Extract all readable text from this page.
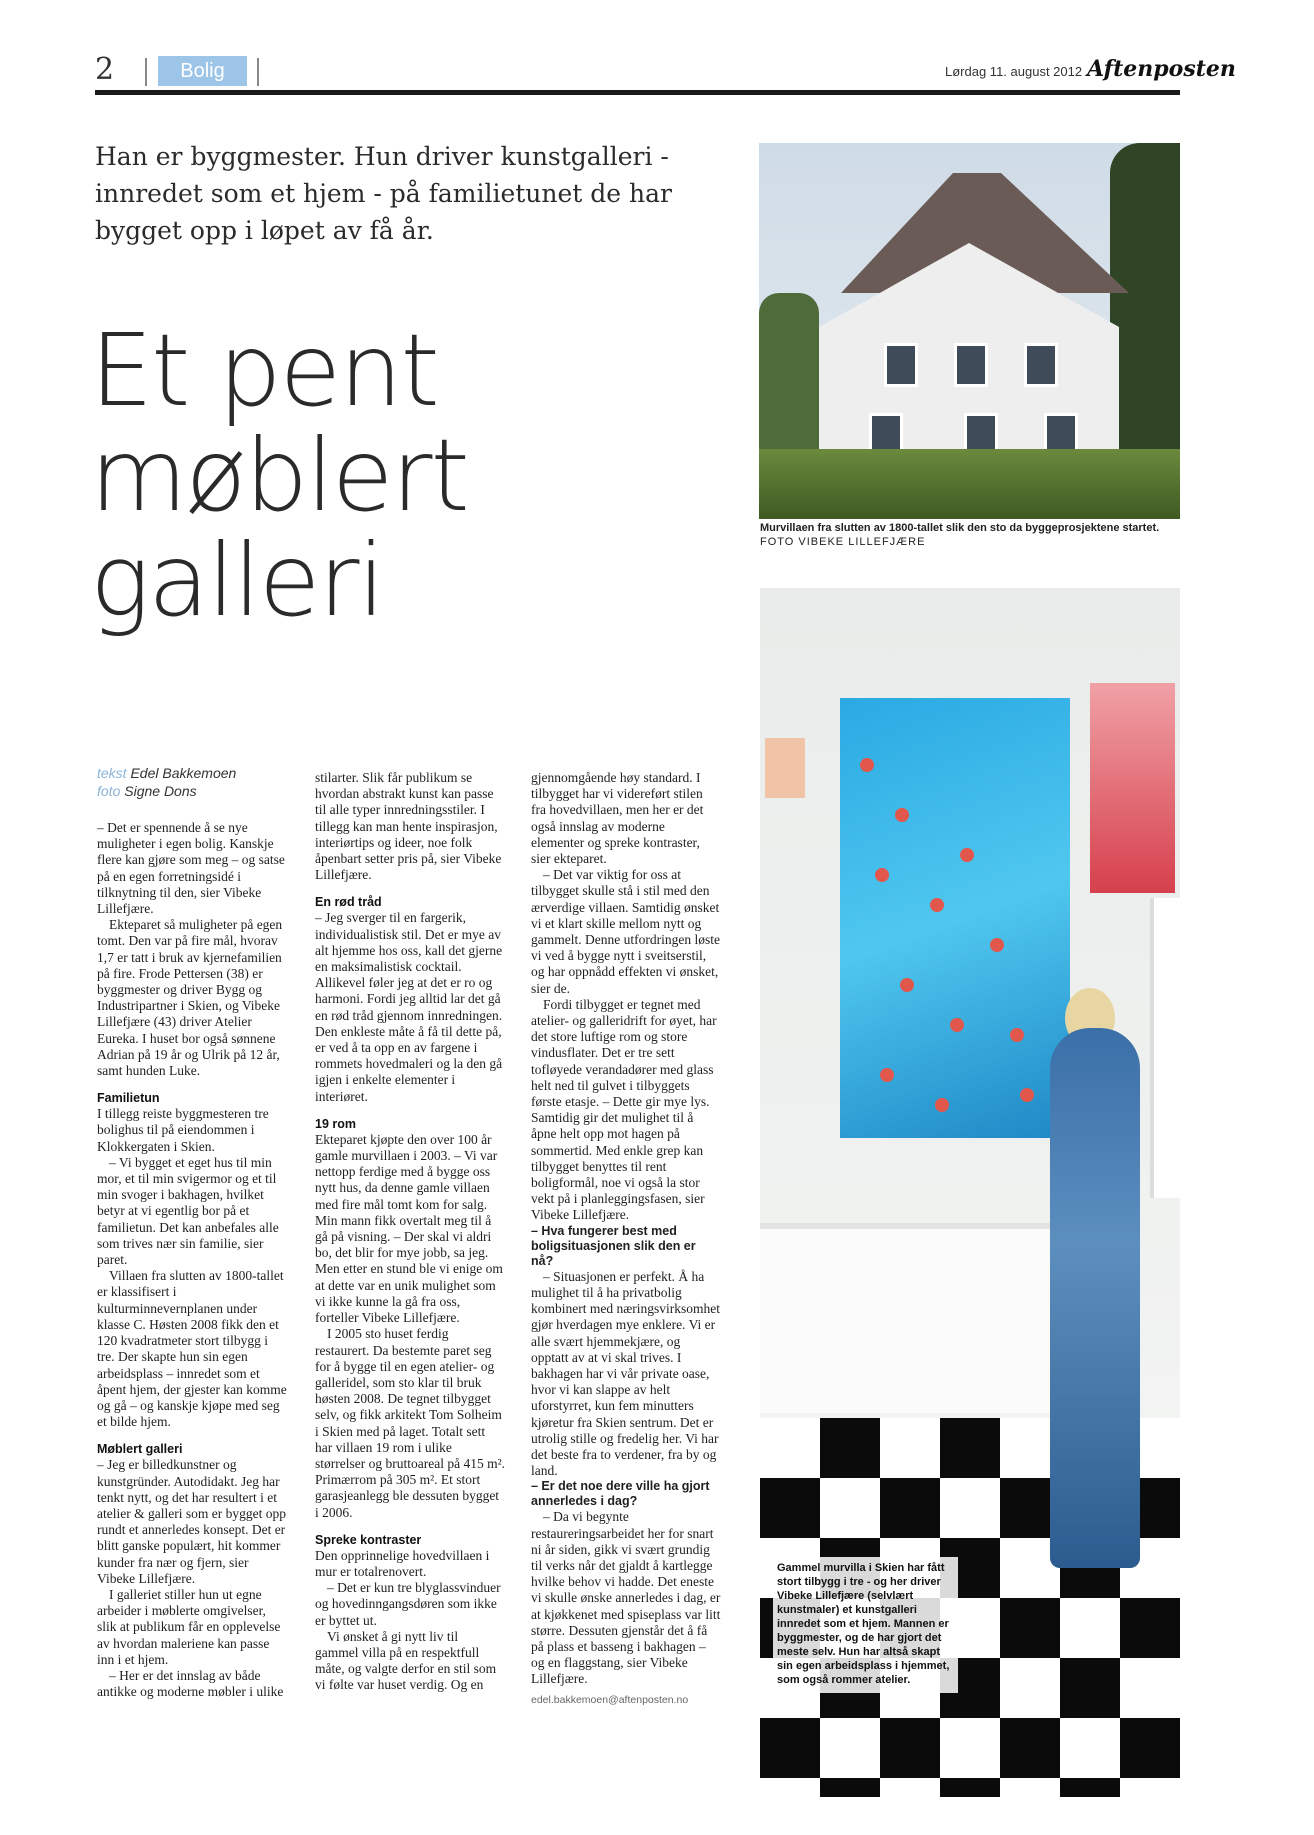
2	Bolig	Lørdag 11. august 2012 Aftenposten
Han er byggmester. Hun driver kunstgalleri - innredet som et hjem - på familietunet de har bygget opp i løpet av få år.
Et pent
møblert
galleri	Murvillaen fra slutten av 1800-tallet slik den sto da byggeprosjektene startet.
FOTO VIBEKE LILLEFJÆRE
Gammel murvilla i Skien har fått stort tilbygg i tre - og her driver Vibeke Lillefjære (selvlært kunstmaler) et kunstgalleri innredet som et hjem. Mannen er byggmester, og de har gjort det meste selv. Hun har altså skapt sin egen arbeidsplass i hjemmet, som også rommer atelier.
tekst Edel Bakkemoen
foto Signe Dons

– Det er spennende å se nye muligheter i egen bolig. Kanskje flere kan gjøre som meg – og satse på en egen forretningsidé i tilknytning til den, sier Vibeke Lillefjære.

Ekteparet så muligheter på egen tomt. Den var på fire mål, hvorav 1,7 er tatt i bruk av kjernefamilien på fire. Frode Pettersen (38) er byggmester og driver Bygg og Industripartner i Skien, og Vibeke Lillefjære (43) driver Atelier Eureka. I huset bor også sønnene Adrian på 19 år og Ulrik på 12 år, samt hunden Luke.

Familietun

I tillegg reiste byggmesteren tre bolighus til på eiendommen i Klokkergaten i Skien.

– Vi bygget et eget hus til min mor, et til min svigermor og et til min svoger i bakhagen, hvilket betyr at vi egentlig bor på et familietun. Det kan anbefales alle som trives nær sin familie, sier paret.

Villaen fra slutten av 1800-tallet er klassifisert i kulturminnevernplanen under klasse C. Høsten 2008 fikk den et 120 kvadratmeter stort tilbygg i tre. Der skapte hun sin egen arbeidsplass – innredet som et åpent hjem, der gjester kan komme og gå – og kanskje kjøpe med seg et bilde hjem.

Møblert galleri

– Jeg er billedkunstner og kunstgründer. Autodidakt. Jeg har tenkt nytt, og det har resultert i et atelier & galleri som er bygget opp rundt et annerledes konsept. Det er blitt ganske populært, hit kommer kunder fra nær og fjern, sier Vibeke Lillefjære.

I galleriet stiller hun ut egne arbeider i møblerte omgivelser, slik at publikum får en opplevelse av hvordan maleriene kan passe inn i et hjem.

– Her er det innslag av både antikke og moderne møbler i ulike

stilarter. Slik får publikum se hvordan abstrakt kunst kan passe til alle typer innredningsstiler. I tillegg kan man hente inspirasjon, interiørtips og ideer, noe folk åpenbart setter pris på, sier Vibeke Lillefjære.

En rød tråd

– Jeg sverger til en fargerik, individualistisk stil. Det er mye av alt hjemme hos oss, kall det gjerne en maksimalistisk cocktail. Allikevel føler jeg at det er ro og harmoni. Fordi jeg alltid lar det gå en rød tråd gjennom innredningen. Den enkleste måte å få til dette på, er ved å ta opp en av fargene i rommets hovedmaleri og la den gå igjen i enkelte elementer i interiøret.

19 rom

Ekteparet kjøpte den over 100 år gamle murvillaen i 2003. – Vi var nettopp ferdige med å bygge oss nytt hus, da denne gamle villaen med fire mål tomt kom for salg. Min mann fikk overtalt meg til å gå på visning. – Der skal vi aldri bo, det blir for mye jobb, sa jeg. Men etter en stund ble vi enige om at dette var en unik mulighet som vi ikke kunne la gå fra oss, forteller Vibeke Lillefjære.

I 2005 sto huset ferdig restaurert. Da bestemte paret seg for å bygge til en egen atelier- og galleridel, som sto klar til bruk høsten 2008. De tegnet tilbygget selv, og fikk arkitekt Tom Solheim i Skien med på laget. Totalt sett har villaen 19 rom i ulike størrelser og bruttoareal på 415 m². Primærrom på 305 m². Et stort garasjeanlegg ble dessuten bygget i 2006.

Spreke kontraster

Den opprinnelige hovedvillaen i mur er totalrenovert.

– Det er kun tre blyglassvinduer og hovedinngangsdøren som ikke er byttet ut.

Vi ønsket å gi nytt liv til gammel villa på en respektfull måte, og valgte derfor en stil som vi følte var huset verdig. Og en

gjennomgående høy standard. I tilbygget har vi videreført stilen fra hovedvillaen, men her er det også innslag av moderne elementer og spreke kontraster, sier ekteparet.

– Det var viktig for oss at tilbygget skulle stå i stil med den ærverdige villaen. Samtidig ønsket vi et klart skille mellom nytt og gammelt. Denne utfordringen løste vi ved å bygge nytt i sveitserstil, og har oppnådd effekten vi ønsket, sier de.

Fordi tilbygget er tegnet med atelier- og galleridrift for øyet, har det store luftige rom og store vindusflater. Det er tre sett tofløyede verandadører med glass helt ned til gulvet i tilbyggets første etasje. – Dette gir mye lys. Samtidig gir det mulighet til å åpne helt opp mot hagen på sommertid. Med enkle grep kan tilbygget benyttes til rent boligformål, noe vi også la stor vekt på i planleggingsfasen, sier Vibeke Lillefjære.

– Hva fungerer best med boligsituasjonen slik den er nå?

– Situasjonen er perfekt. Å ha mulighet til å ha privatbolig kombinert med næringsvirksomhet gjør hverdagen mye enklere. Vi er alle svært hjemmekjære, og opptatt av at vi skal trives. I bakhagen har vi vår private oase, hvor vi kan slappe av helt uforstyrret, kun fem minutters kjøretur fra Skien sentrum. Det er utrolig stille og fredelig her. Vi har det beste fra to verdener, fra by og land.

– Er det noe dere ville ha gjort annerledes i dag?

– Da vi begynte restaureringsarbeidet her for snart ni år siden, gikk vi svært grundig til verks når det gjaldt å kartlegge hvilke behov vi hadde. Det eneste vi skulle ønske annerledes i dag, er at kjøkkenet med spiseplass var litt større. Dessuten gjenstår det å få på plass et basseng i bakhagen – og en flaggstang, sier Vibeke Lillefjære.

edel.bakkemoen@aftenposten.no
